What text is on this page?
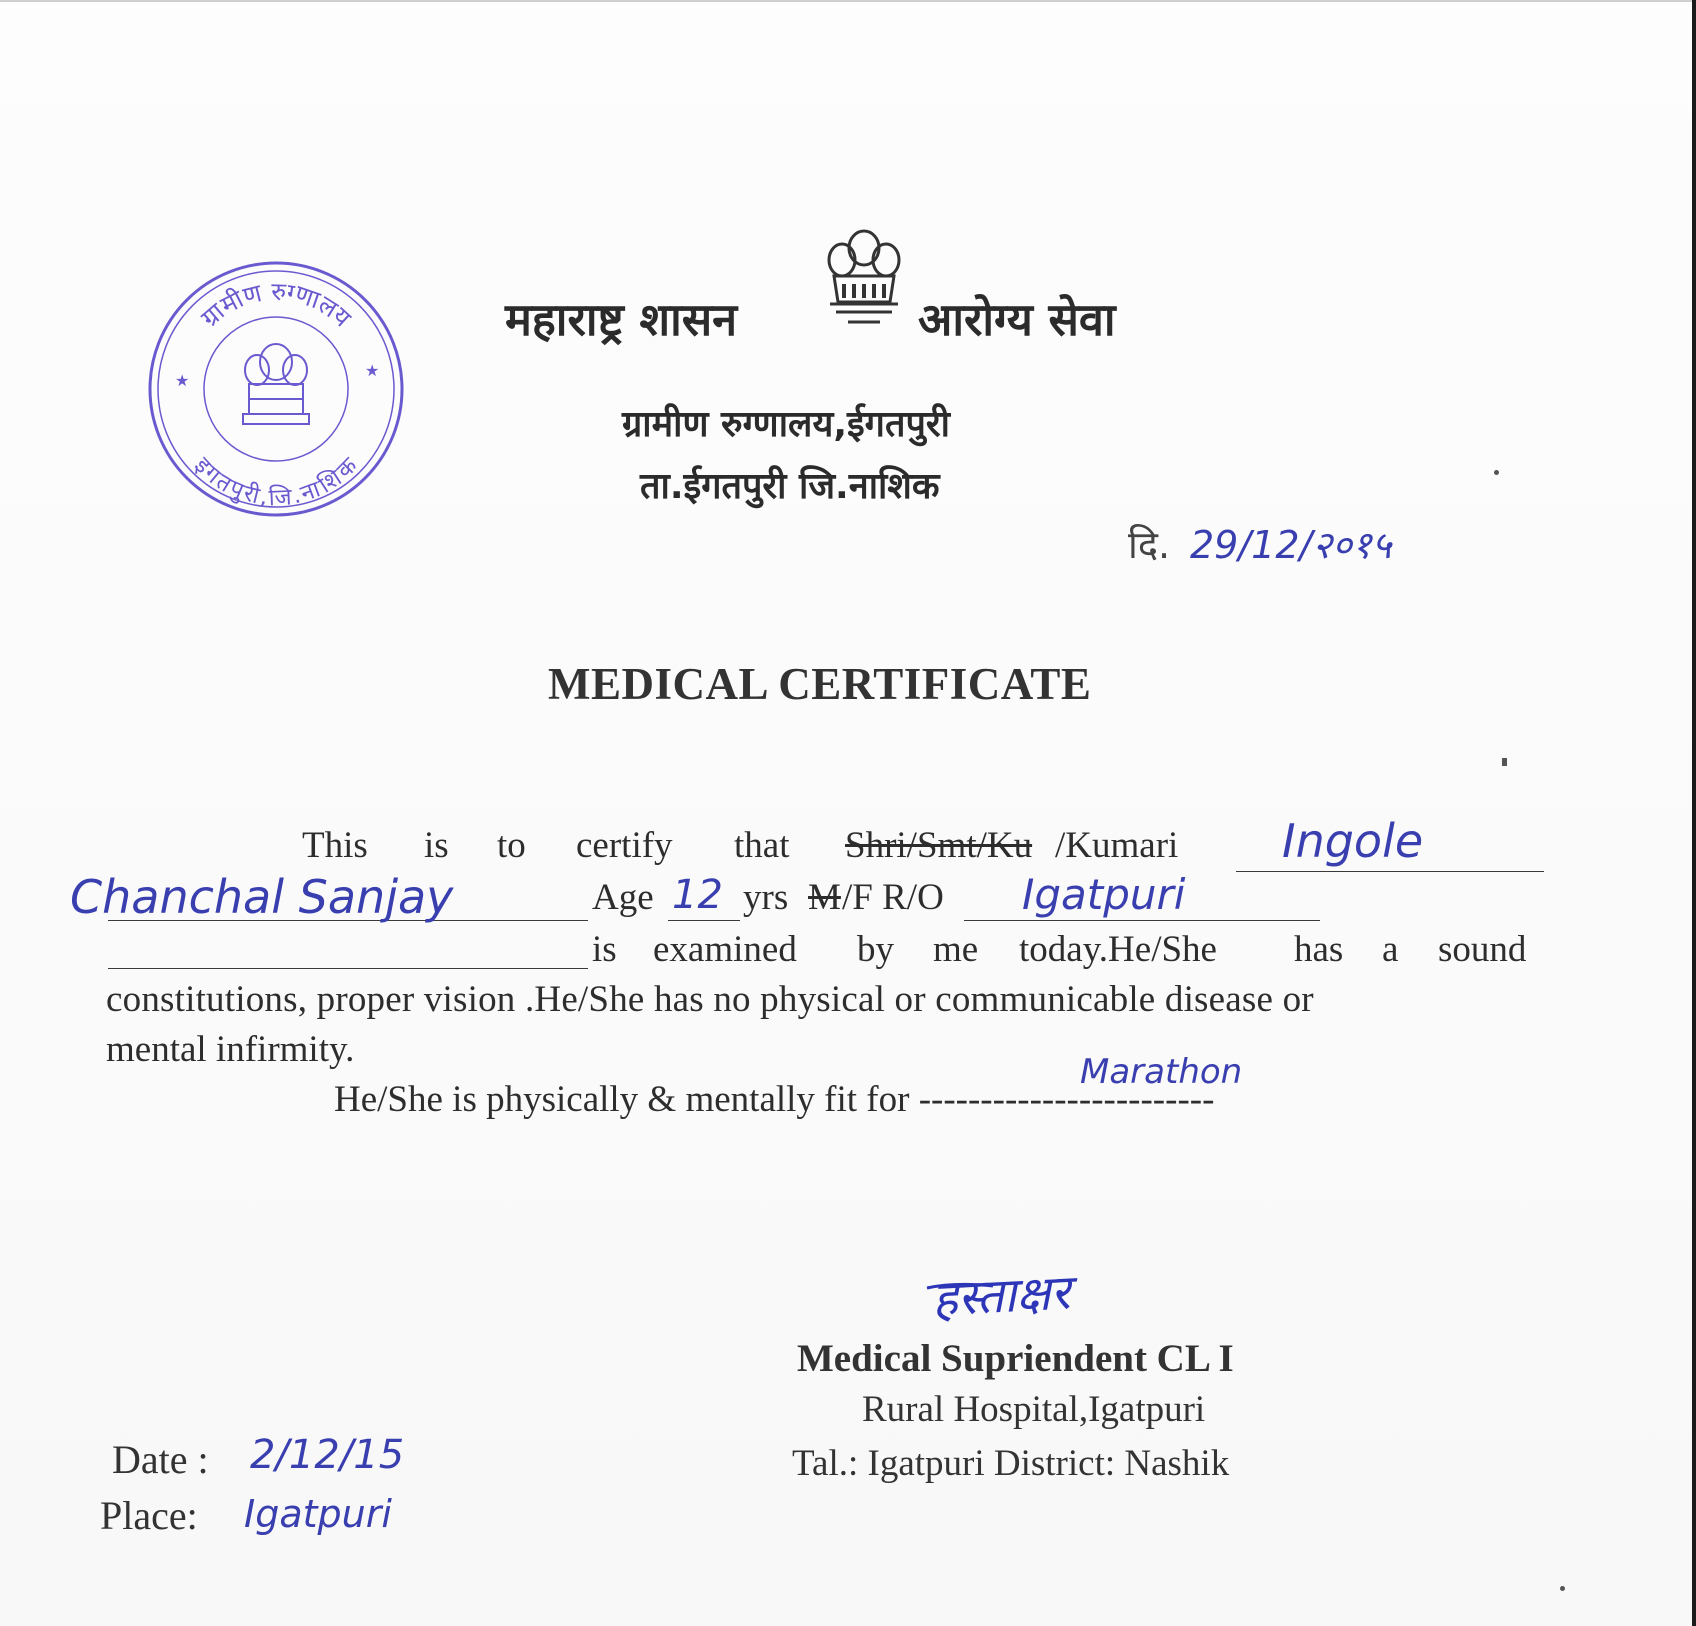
ग्रामीण रुग्णालय
इगतपुरी,जि.नाशिक
★
★
महाराष्ट्र शासन	आरोग्य सेवा
ग्रामीण रुग्णालय,ईगतपुरी
ता.ईगतपुरी जि.नाशिक
दि. 29/12/२०१५
MEDICAL CERTIFICATE
This is to certify that Shri/Smt/Ku /Kumari Ingole
Chanchal Sanjay	Age 12 yrs M /F R/O Igatpuri
is examined by me today.He/She has a sound
constitutions, proper vision .He/She has no physical or communicable disease or
mental infirmity.
He/She is physically & mentally fit for ------------------------
Marathon
हस्ताक्षर
Medical Supriendent CL I
Rural Hospital,Igatpuri
Tal.: Igatpuri District: Nashik
Date : 2/12/15
Place: Igatpuri
